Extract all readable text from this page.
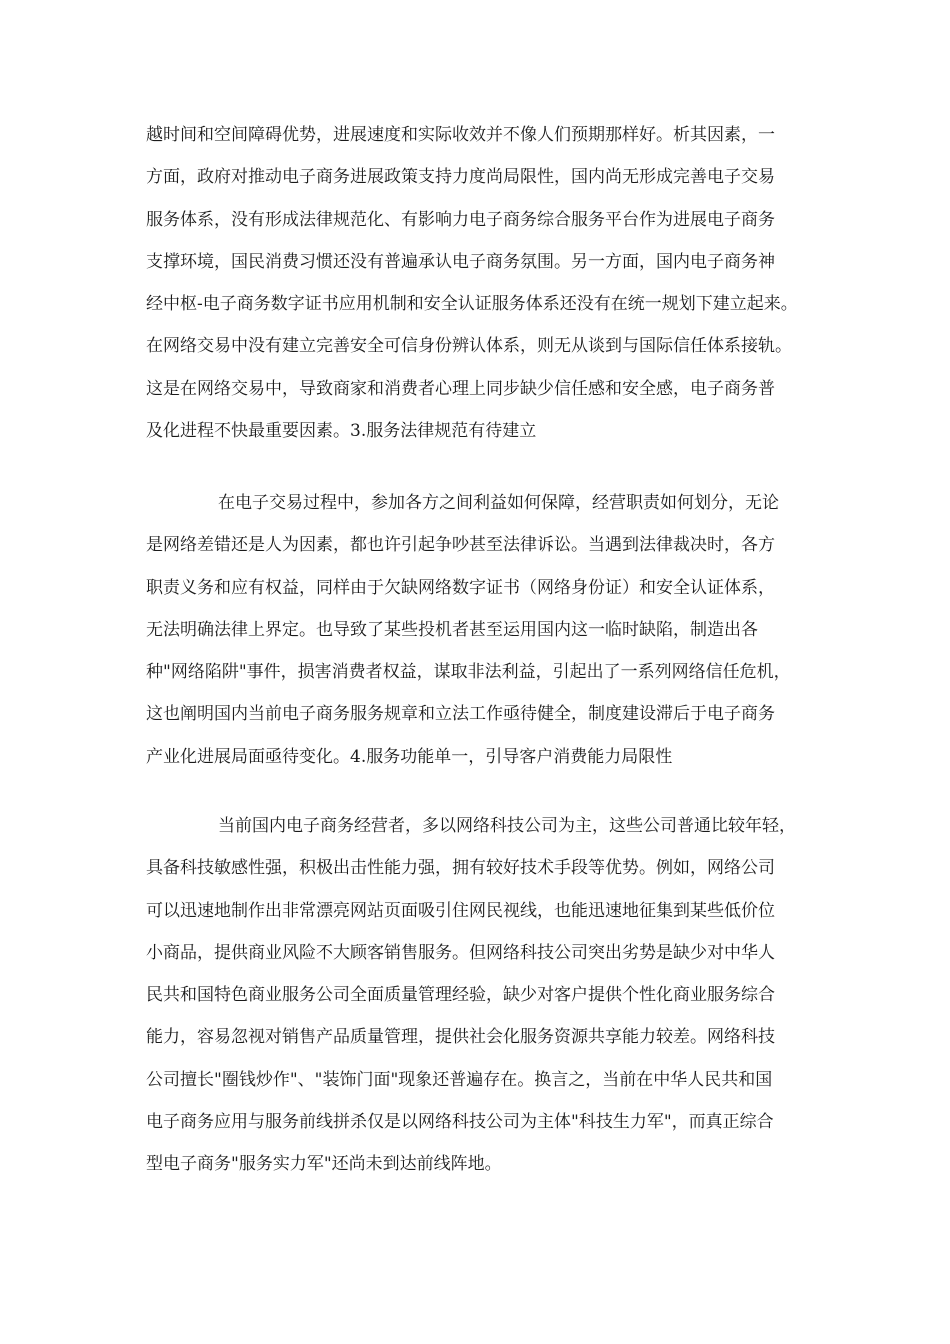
越时间和空间障碍优势，进展速度和实际收效并不像人们预期那样好。析其因素，一
方面，政府对推动电子商务进展政策支持力度尚局限性，国内尚无形成完善电子交易
服务体系，没有形成法律规范化、有影响力电子商务综合服务平台作为进展电子商务
支撑环境，国民消费习惯还没有普遍承认电子商务氛围。另一方面，国内电子商务神
经中枢-电子商务数字证书应用机制和安全认证服务体系还没有在统一规划下建立起来。
在网络交易中没有建立完善安全可信身份辨认体系，则无从谈到与国际信任体系接轨。
这是在网络交易中，导致商家和消费者心理上同步缺少信任感和安全感，电子商务普
及化进程不快最重要因素。3.服务法律规范有待建立
在电子交易过程中，参加各方之间利益如何保障，经营职责如何划分，无论
是网络差错还是人为因素，都也许引起争吵甚至法律诉讼。当遇到法律裁决时，各方
职责义务和应有权益，同样由于欠缺网络数字证书（网络身份证）和安全认证体系，
无法明确法律上界定。也导致了某些投机者甚至运用国内这一临时缺陷，制造出各
种"网络陷阱"事件，损害消费者权益，谋取非法利益，引起出了一系列网络信任危机，
这也阐明国内当前电子商务服务规章和立法工作亟待健全，制度建设滞后于电子商务
产业化进展局面亟待变化。4.服务功能单一，引导客户消费能力局限性
当前国内电子商务经营者，多以网络科技公司为主，这些公司普通比较年轻，
具备科技敏感性强，积极出击性能力强，拥有较好技术手段等优势。例如，网络公司
可以迅速地制作出非常漂亮网站页面吸引住网民视线，也能迅速地征集到某些低价位
小商品，提供商业风险不大顾客销售服务。但网络科技公司突出劣势是缺少对中华人
民共和国特色商业服务公司全面质量管理经验，缺少对客户提供个性化商业服务综合
能力，容易忽视对销售产品质量管理，提供社会化服务资源共享能力较差。网络科技
公司擅长"圈钱炒作"、"装饰门面"现象还普遍存在。换言之，当前在中华人民共和国
电子商务应用与服务前线拼杀仅是以网络科技公司为主体"科技生力军"，而真正综合
型电子商务"服务实力军"还尚未到达前线阵地。
